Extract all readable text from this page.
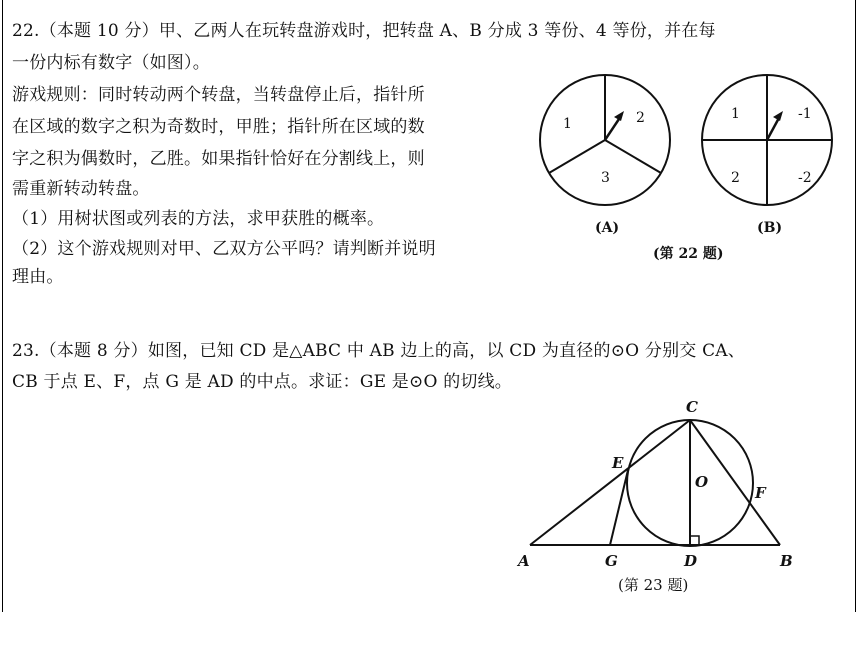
22.（本题 10 分）甲、乙两人在玩转盘游戏时，把转盘 A、B 分成 3 等份、4 等份，并在每
一份内标有数字（如图）。
游戏规则：同时转动两个转盘，当转盘停止后，指针所
在区域的数字之积为奇数时，甲胜；指针所在区域的数
字之积为偶数时，乙胜。如果指针恰好在分割线上，则
需重新转动转盘。
（1）用树状图或列表的方法，求甲获胜的概率。
（2）这个游戏规则对甲、乙双方公平吗？请判断并说明
理由。
1	2
3
(A)
1	-1
2	-2
(B)
(第 22 题)
23.（本题 8 分）如图，已知 CD 是△ABC 中 AB 边上的高，以 CD 为直径的⊙O 分别交 CA、
CB 于点 E、F，点 G 是 AD 的中点。求证：GE 是⊙O 的切线。
C
E
O
F
A	G	D	B
(第 23 题)
